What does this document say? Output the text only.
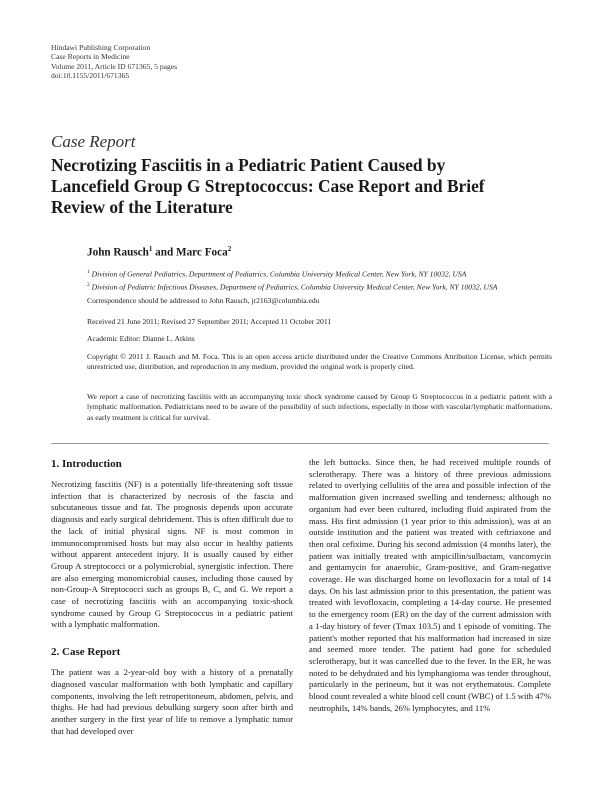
Hindawi Publishing Corporation
Case Reports in Medicine
Volume 2011, Article ID 671365, 5 pages
doi:10.1155/2011/671365
Case Report
Necrotizing Fasciitis in a Pediatric Patient Caused by Lancefield Group G Streptococcus: Case Report and Brief Review of the Literature
John Rausch$^1$ and Marc Foca$^2$
$^1$ Division of General Pediatrics, Department of Pediatrics, Columbia University Medical Center, New York, NY 10032, USA
$^2$ Division of Pediatric Infectious Diseases, Department of Pediatrics, Columbia University Medical Center, New York, NY 10032, USA
Correspondence should be addressed to John Rausch, jr2163@columbia.edu
Received 21 June 2011; Revised 27 September 2011; Accepted 11 October 2011
Academic Editor: Dianne L. Atkins
Copyright © 2011 J. Rausch and M. Foca. This is an open access article distributed under the Creative Commons Attribution License, which permits unrestricted use, distribution, and reproduction in any medium, provided the original work is properly cited.
We report a case of necrotizing fasciitis with an accompanying toxic shock syndrome caused by Group G Streptococcus in a pediatric patient with a lymphatic malformation. Pediatricians need to be aware of the possibility of such infections, especially in those with vascular/lymphatic malformations, as early treatment is critical for survival.
1. Introduction

Necrotizing fasciitis (NF) is a potentially life-threatening soft tissue infection that is characterized by necrosis of the fascia and subcutaneous tissue and fat. The prognosis depends upon accurate diagnosis and early surgical debridement. This is often difficult due to the lack of initial physical signs. NF is most common in immunocompromised hosts but may also occur in healthy patients without apparent antecedent injury. It is usually caused by either Group A streptococci or a polymicrobial, synergistic infection. There are also emerging monomicrobial causes, including those caused by non-Group-A Streptococci such as groups B, C, and G. We report a case of necrotizing fasciitis with an accompanying toxic-shock syndrome caused by Group G Streptococcus in a pediatric patient with a lymphatic malformation.

2. Case Report

The patient was a 2-year-old boy with a history of a prenatally diagnosed vascular malformation with both lymphatic and capillary components, involving the left retroperitoneum, abdomen, pelvis, and thighs. He had had previous debulking surgery soon after birth and another surgery in the first year of life to remove a lymphatic tumor that had developed over

the left buttocks. Since then, he had received multiple rounds of sclerotherapy. There was a history of three previous admissions related to overlying cellulitis of the area and possible infection of the malformation given increased swelling and tenderness; although no organism had ever been cultured, including fluid aspirated from the mass. His first admission (1 year prior to this admission), was at an outside institution and the patient was treated with ceftriaxone and then oral cefixime. During his second admission (4 months later), the patient was initially treated with ampicillin/sulbactam, vancomycin and gentamycin for anaerobic, Gram-positive, and Gram-negative coverage. He was discharged home on levofloxacin for a total of 14 days. On his last admission prior to this presentation, the patient was treated with levofloxacin, completing a 14-day course. He presented to the emergency room (ER) on the day of the current admission with a 1-day history of fever (Tmax 103.5) and 1 episode of vomiting. The patient's mother reported that his malformation had increased in size and seemed more tender. The patient had gone for scheduled sclerotherapy, but it was cancelled due to the fever. In the ER, he was noted to be dehydrated and his lymphangioma was tender throughout, particularly in the perineum, but it was not erythematous. Complete blood count revealed a white blood cell count (WBC) of 1.5 with 47% neutrophils, 14% bands, 26% lymphocytes, and 11%
